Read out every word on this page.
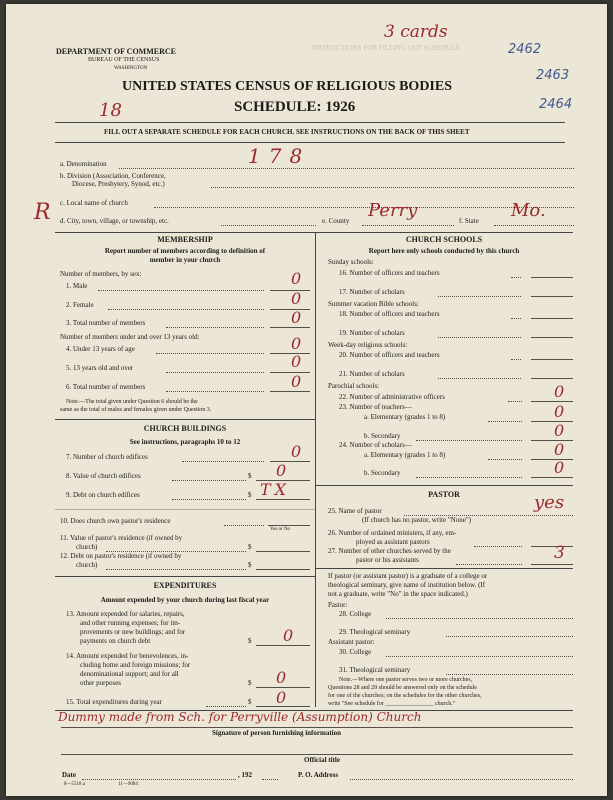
DEPARTMENT OF COMMERCE
BUREAU OF THE CENSUS
WASHINGTON
INSTRUCTIONS FOR FILLING OUT SCHEDULE
UNITED STATES CENSUS OF RELIGIOUS BODIES
SCHEDULE: 1926
FILL OUT A SEPARATE SCHEDULE FOR EACH CHURCH. SEE INSTRUCTIONS ON THE BACK OF THIS SHEET
3 cards
2462
2463
2464
18
a. Denomination	178
b. Division (Association, Conference,
Diocese, Presbytery, Synod, etc.)
c. Local name of church
R d. City, town, village, or township, etc.	e. County Perry	f. State Mo.
MEMBERSHIP
Report number of members according to definition of
member in your church
Number of members, by sex:
1. Male	0
2. Female	0
3. Total number of members	0
Number of members under and over 13 years old:
4. Under 13 years of age	0
5. 13 years old and over	0
6. Total number of members	0
Note.—The total given under Question 6 should be the
same as the total of males and females given under Question 3.
CHURCH BUILDINGS
See instructions, paragraphs 10 to 12
7. Number of church edifices	0
8. Value of church edifices	$ 0
9. Debt on church edifices	$ TX
10. Does church own pastor's residence
Yes or No
11. Value of pastor's residence (if owned by
church)	$
12. Debt on pastor's residence (if owned by
church)	$
EXPENDITURES
Amount expended by your church during last fiscal year
13. Amount expended for salaries, repairs,
and other running expenses; for im-
provements or new buildings; and for
payments on church debt	$ 0
14. Amount expended for benevolences, in-
cluding home and foreign missions; for
denominational support; and for all
other purposes	$ 0
15. Total expenditures during year	$ 0
CHURCH SCHOOLS
Report here only schools conducted by this church
Sunday schools:
16. Number of officers and teachers
17. Number of scholars
Summer vacation Bible schools:
18. Number of officers and teachers
19. Number of scholars
Week-day religious schools:
20. Number of officers and teachers
21. Number of scholars
Parochial schools:
22. Number of administrative officers	0
23. Number of teachers—
a. Elementary (grades 1 to 8)	0
b. Secondary	0
24. Number of scholars—
a. Elementary (grades 1 to 8)	0
b. Secondary	0
PASTOR
25. Name of pastor	yes
(If church has no pastor, write "None")
26. Number of ordained ministers, if any, em-
ployed as assistant pastors
27. Number of other churches served by the
pastor or his assistants	3
If pastor (or assistant pastor) is a graduate of a college or
theological seminary, give name of institution below. (If
not a graduate, write "No" in the space indicated.)
Pastor:
28. College
29. Theological seminary
Assistant pastor:
30. College
31. Theological seminary
Note.—Where one pastor serves two or more churches,
Questions 28 and 29 should be answered only on the schedule
for one of the churches; on the schedules for the other churches,
write "See schedule for ________________ church."
Dummy made from Sch. for Perryville (Assumption) Church
Signature of person furnishing information
Official title
Date	, 192	P. O. Address
8—5518 a	11—9084
